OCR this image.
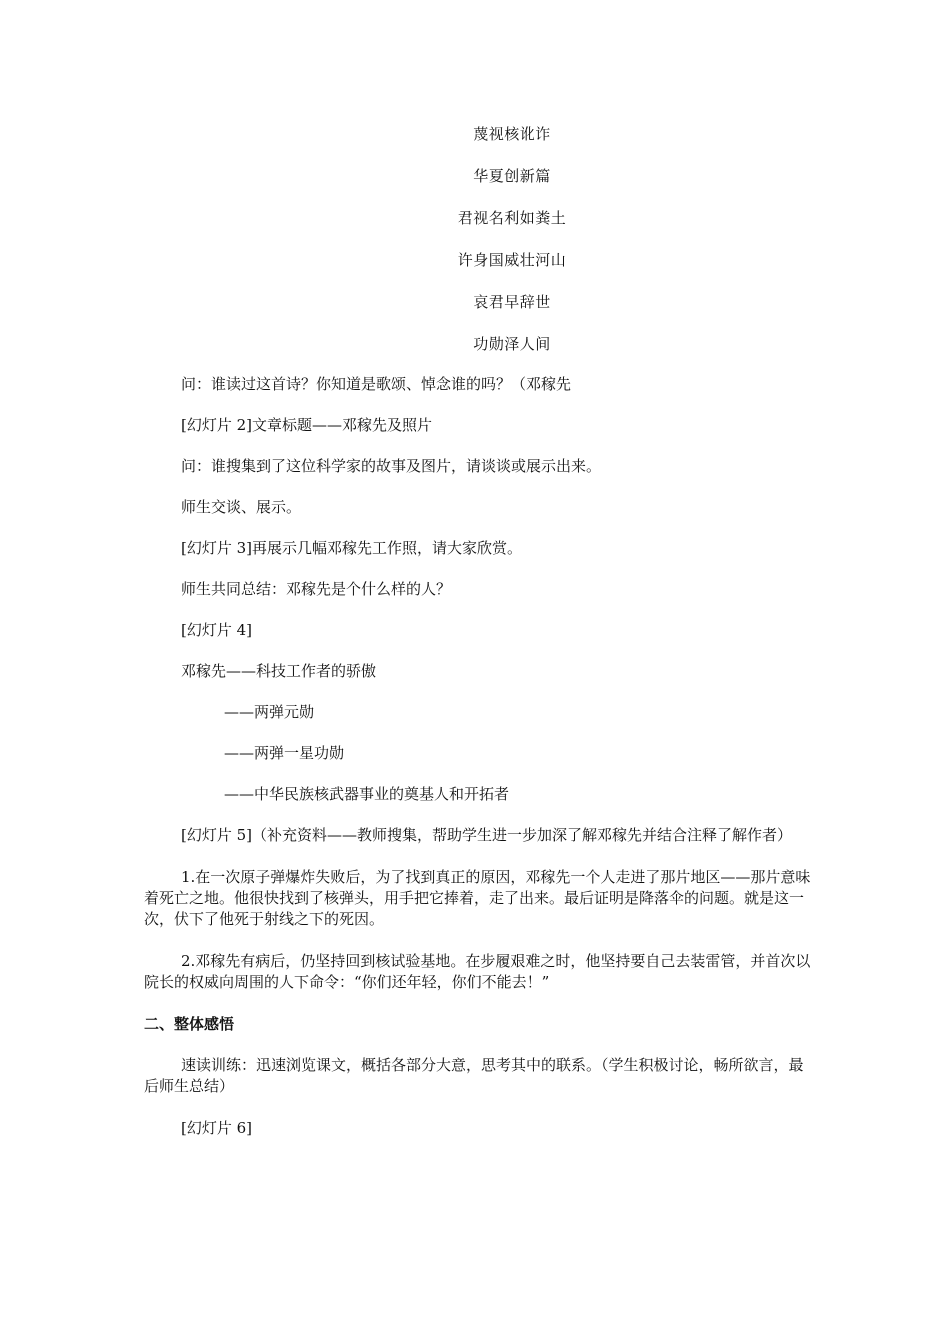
蔑视核讹诈
华夏创新篇
君视名利如粪土
许身国威壮河山
哀君早辞世
功勋泽人间

问：谁读过这首诗？你知道是歌颂、悼念谁的吗？（邓稼先

[幻灯片 2]文章标题——邓稼先及照片

问：谁搜集到了这位科学家的故事及图片，请谈谈或展示出来。

师生交谈、展示。

[幻灯片 3]再展示几幅邓稼先工作照，请大家欣赏。

师生共同总结：邓稼先是个什么样的人？

[幻灯片 4]

邓稼先——科技工作者的骄傲

——两弹元勋

——两弹一星功勋

——中华民族核武器事业的奠基人和开拓者

[幻灯片 5]（补充资料——教师搜集，帮助学生进一步加深了解邓稼先并结合注释了解作者）

1.在一次原子弹爆炸失败后，为了找到真正的原因，邓稼先一个人走进了那片地区——那片意味着死亡之地。他很快找到了核弹头，用手把它捧着，走了出来。最后证明是降落伞的问题。就是这一次，伏下了他死于射线之下的死因。

2.邓稼先有病后，仍坚持回到核试验基地。在步履艰难之时，他坚持要自己去装雷管，并首次以院长的权威向周围的人下命令：“你们还年轻，你们不能去！”

二、整体感悟

速读训练：迅速浏览课文，概括各部分大意，思考其中的联系。（学生积极讨论，畅所欲言，最后师生总结）

[幻灯片 6]
